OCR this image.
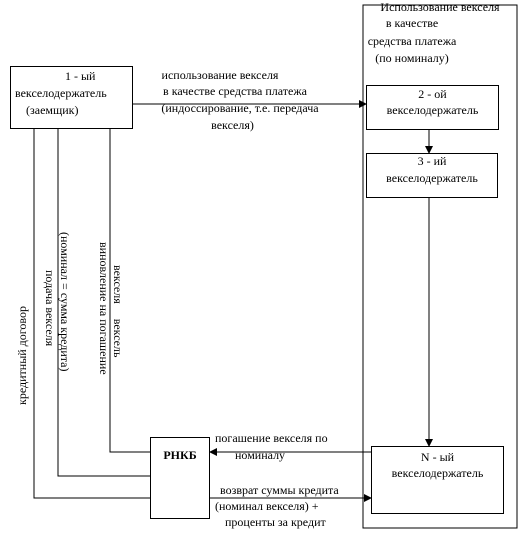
Использование векселя
в качестве
средства платежа
(по номиналу)
1 - ый
векселодержатель
(заемщик)
2 - ой
векселодержатель
3 - ий
векселодержатель
N - ый
векселодержатель
РНКБ
использование векселя
в качестве средства платежа
(индоссирование, т.е. передача
векселя)
погашение векселя по
номиналу
возврат суммы кредита
(номинал векселя) +
проценты за кредит
кредитный договор подача векселя (номинал = сумма кредита) виновление на погашение векселя     вексель
